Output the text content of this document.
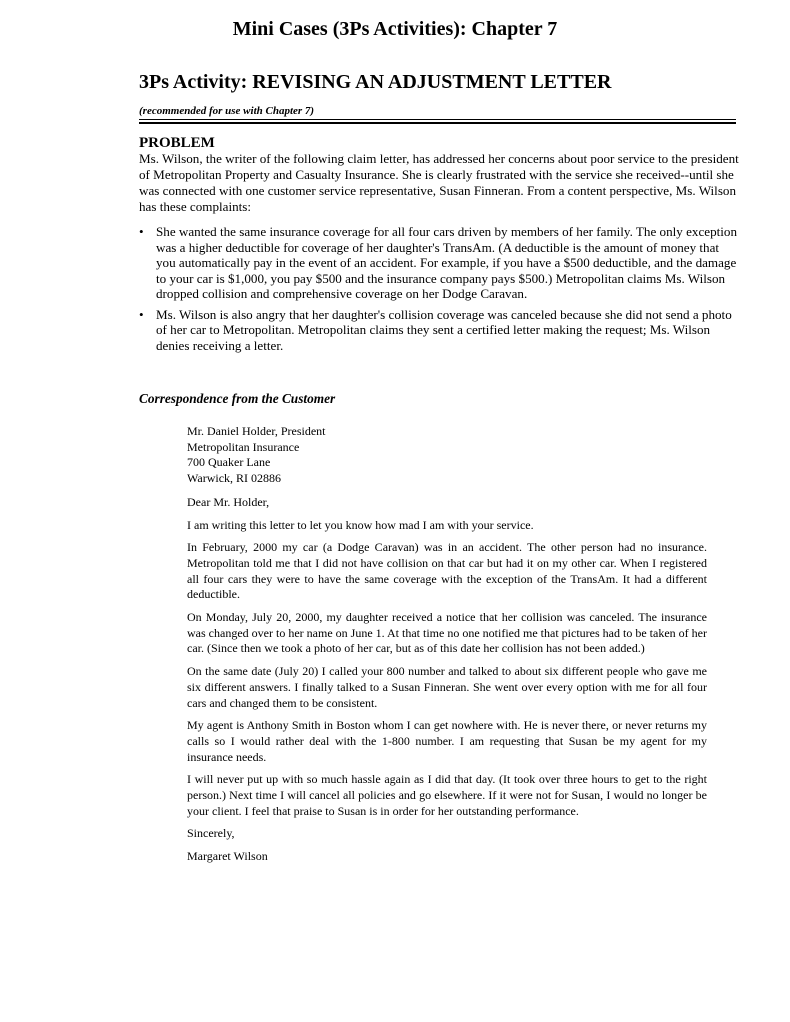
Mini Cases (3Ps Activities): Chapter 7
3Ps Activity: REVISING AN ADJUSTMENT LETTER
(recommended for use with Chapter 7)
PROBLEM

Ms. Wilson, the writer of the following claim letter, has addressed her concerns about poor service to the president of Metropolitan Property and Casualty Insurance. She is clearly frustrated with the service she received--until she was connected with one customer service representative, Susan Finneran. From a content perspective, Ms. Wilson has these complaints:

• She wanted the same insurance coverage for all four cars driven by members of her family. The only exception was a higher deductible for coverage of her daughter's TransAm. (A deductible is the amount of money that you automatically pay in the event of an accident. For example, if you have a $500 deductible, and the damage to your car is $1,000, you pay $500 and the insurance company pays $500.) Metropolitan claims Ms. Wilson dropped collision and comprehensive coverage on her Dodge Caravan.
• Ms. Wilson is also angry that her daughter's collision coverage was canceled because she did not send a photo of her car to Metropolitan. Metropolitan claims they sent a certified letter making the request; Ms. Wilson denies receiving a letter.
Correspondence from the Customer

Mr. Daniel Holder, President

Metropolitan Insurance

700 Quaker Lane

Warwick, RI 02886

Dear Mr. Holder,

I am writing this letter to let you know how mad I am with your service.

In February, 2000 my car (a Dodge Caravan) was in an accident. The other person had no insurance. Metropolitan told me that I did not have collision on that car but had it on my other car. When I registered all four cars they were to have the same coverage with the exception of the TransAm. It had a different deductible.

On Monday, July 20, 2000, my daughter received a notice that her collision was canceled. The insurance was changed over to her name on June 1. At that time no one notified me that pictures had to be taken of her car. (Since then we took a photo of her car, but as of this date her collision has not been added.)

On the same date (July 20) I called your 800 number and talked to about six different people who gave me six different answers. I finally talked to a Susan Finneran. She went over every option with me for all four cars and changed them to be consistent.

My agent is Anthony Smith in Boston whom I can get nowhere with. He is never there, or never returns my calls so I would rather deal with the 1-800 number. I am requesting that Susan be my agent for my insurance needs.

I will never put up with so much hassle again as I did that day. (It took over three hours to get to the right person.) Next time I will cancel all policies and go elsewhere. If it were not for Susan, I would no longer be your client. I feel that praise to Susan is in order for her outstanding performance.

Sincerely,

Margaret Wilson
